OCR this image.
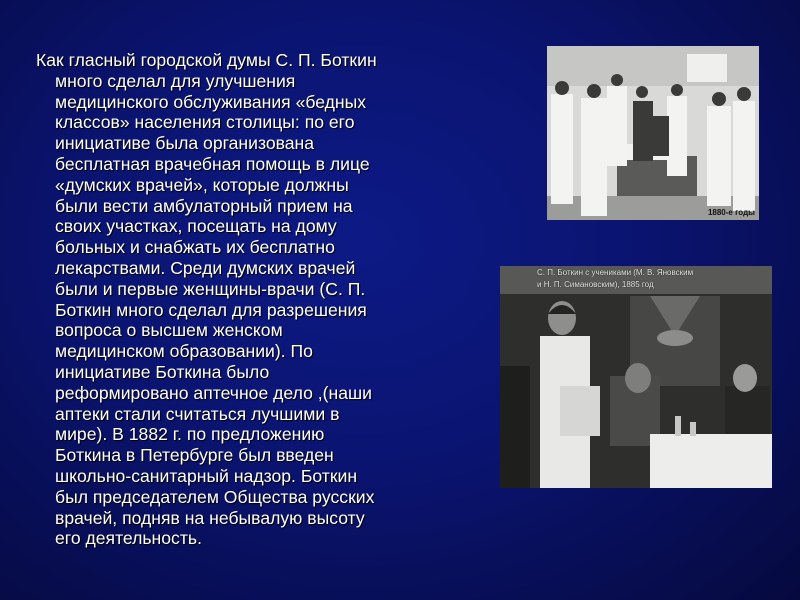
Как гласный городской думы С. П. Боткин
много сделал для улучшения
медицинского обслуживания «бедных
классов» населения столицы: по его
инициативе была организована
бесплатная врачебная помощь в лице
«думских врачей», которые должны
были вести амбулаторный прием на
своих участках, посещать на дому
больных и снабжать их бесплатно
лекарствами. Среди думских врачей
были и первые женщины-врачи (С. П.
Боткин много сделал для разрешения
вопроса о высшем женском
медицинском образовании). По
инициативе Боткина было
реформировано аптечное дело ,(наши
аптеки стали считаться лучшими в
мире). В 1882 г. по предложению
Боткина в Петербурге был введен
школьно-санитарный надзор. Боткин
был председателем Общества русских
врачей, подняв на небывалую высоту
его деятельность.
1880-е годы
С. П. Боткин с учениками (М. В. Яновским
и Н. П. Симановским), 1885 год
